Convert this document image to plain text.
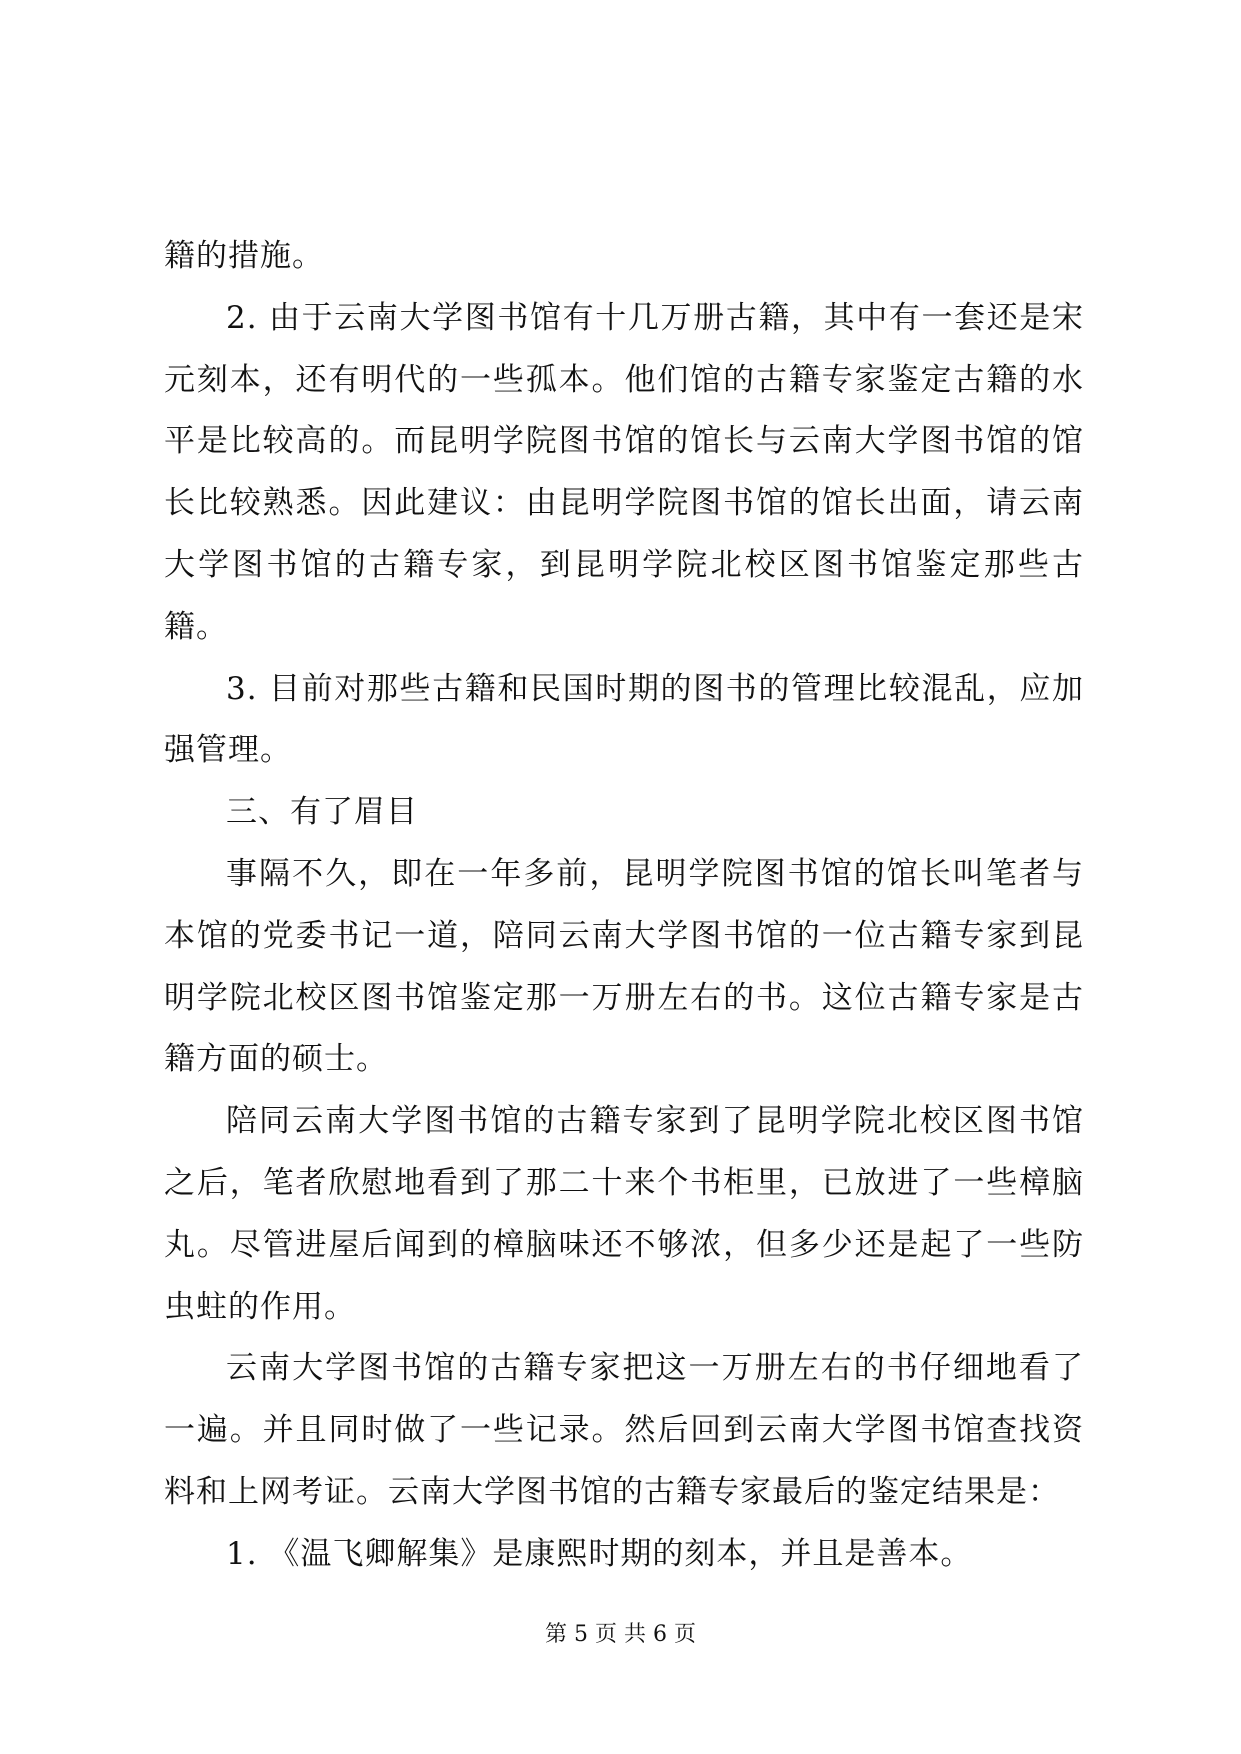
籍的措施。

2. 由于云南大学图书馆有十几万册古籍，其中有一套还是宋元刻本，还有明代的一些孤本。他们馆的古籍专家鉴定古籍的水平是比较高的。而昆明学院图书馆的馆长与云南大学图书馆的馆长比较熟悉。因此建议：由昆明学院图书馆的馆长出面，请云南大学图书馆的古籍专家，到昆明学院北校区图书馆鉴定那些古籍。

3. 目前对那些古籍和民国时期的图书的管理比较混乱，应加强管理。

三、有了眉目

事隔不久，即在一年多前，昆明学院图书馆的馆长叫笔者与本馆的党委书记一道，陪同云南大学图书馆的一位古籍专家到昆明学院北校区图书馆鉴定那一万册左右的书。这位古籍专家是古籍方面的硕士。

陪同云南大学图书馆的古籍专家到了昆明学院北校区图书馆之后，笔者欣慰地看到了那二十来个书柜里，已放进了一些樟脑丸。尽管进屋后闻到的樟脑味还不够浓，但多少还是起了一些防虫蛀的作用。

云南大学图书馆的古籍专家把这一万册左右的书仔细地看了一遍。并且同时做了一些记录。然后回到云南大学图书馆查找资料和上网考证。云南大学图书馆的古籍专家最后的鉴定结果是：

1. 《温飞卿解集》是康熙时期的刻本，并且是善本。

第 5 页 共 6 页
